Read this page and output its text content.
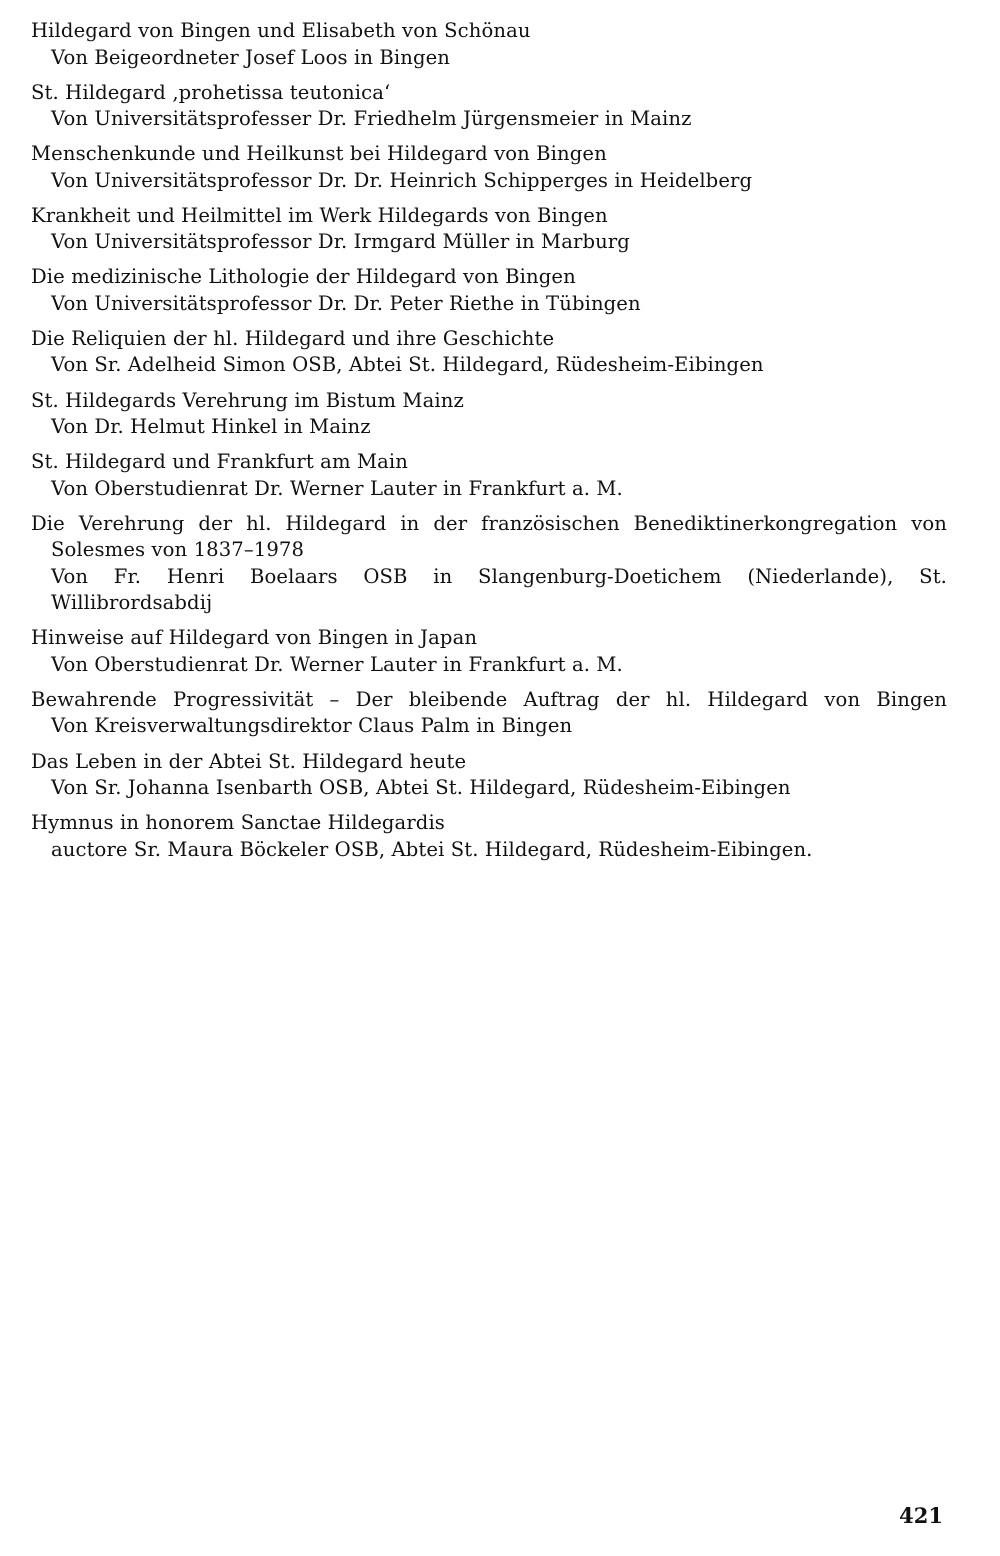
Hildegard von Bingen und Elisabeth von Schönau
Von Beigeordneter Josef Loos in Bingen
St. Hildegard ‚prohetissa teutonica‘
Von Universitätsprofesser Dr. Friedhelm Jürgensmeier in Mainz
Menschenkunde und Heilkunst bei Hildegard von Bingen
Von Universitätsprofessor Dr. Dr. Heinrich Schipperges in Heidelberg
Krankheit und Heilmittel im Werk Hildegards von Bingen
Von Universitätsprofessor Dr. Irmgard Müller in Marburg
Die medizinische Lithologie der Hildegard von Bingen
Von Universitätsprofessor Dr. Dr. Peter Riethe in Tübingen
Die Reliquien der hl. Hildegard und ihre Geschichte
Von Sr. Adelheid Simon OSB, Abtei St. Hildegard, Rüdesheim-Eibingen
St. Hildegards Verehrung im Bistum Mainz
Von Dr. Helmut Hinkel in Mainz
St. Hildegard und Frankfurt am Main
Von Oberstudienrat Dr. Werner Lauter in Frankfurt a. M.
Die Verehrung der hl. Hildegard in der französischen Benediktinerkongregation von Solesmes von 1837–1978
Von Fr. Henri Boelaars OSB in Slangenburg-Doetichem (Niederlande), St. Willibrordsabdij
Hinweise auf Hildegard von Bingen in Japan
Von Oberstudienrat Dr. Werner Lauter in Frankfurt a. M.
Bewahrende Progressivität – Der bleibende Auftrag der hl. Hildegard von Bingen
Von Kreisverwaltungsdirektor Claus Palm in Bingen
Das Leben in der Abtei St. Hildegard heute
Von Sr. Johanna Isenbarth OSB, Abtei St. Hildegard, Rüdesheim-Eibingen
Hymnus in honorem Sanctae Hildegardis
auctore Sr. Maura Böckeler OSB, Abtei St. Hildegard, Rüdesheim-Eibingen.
421
